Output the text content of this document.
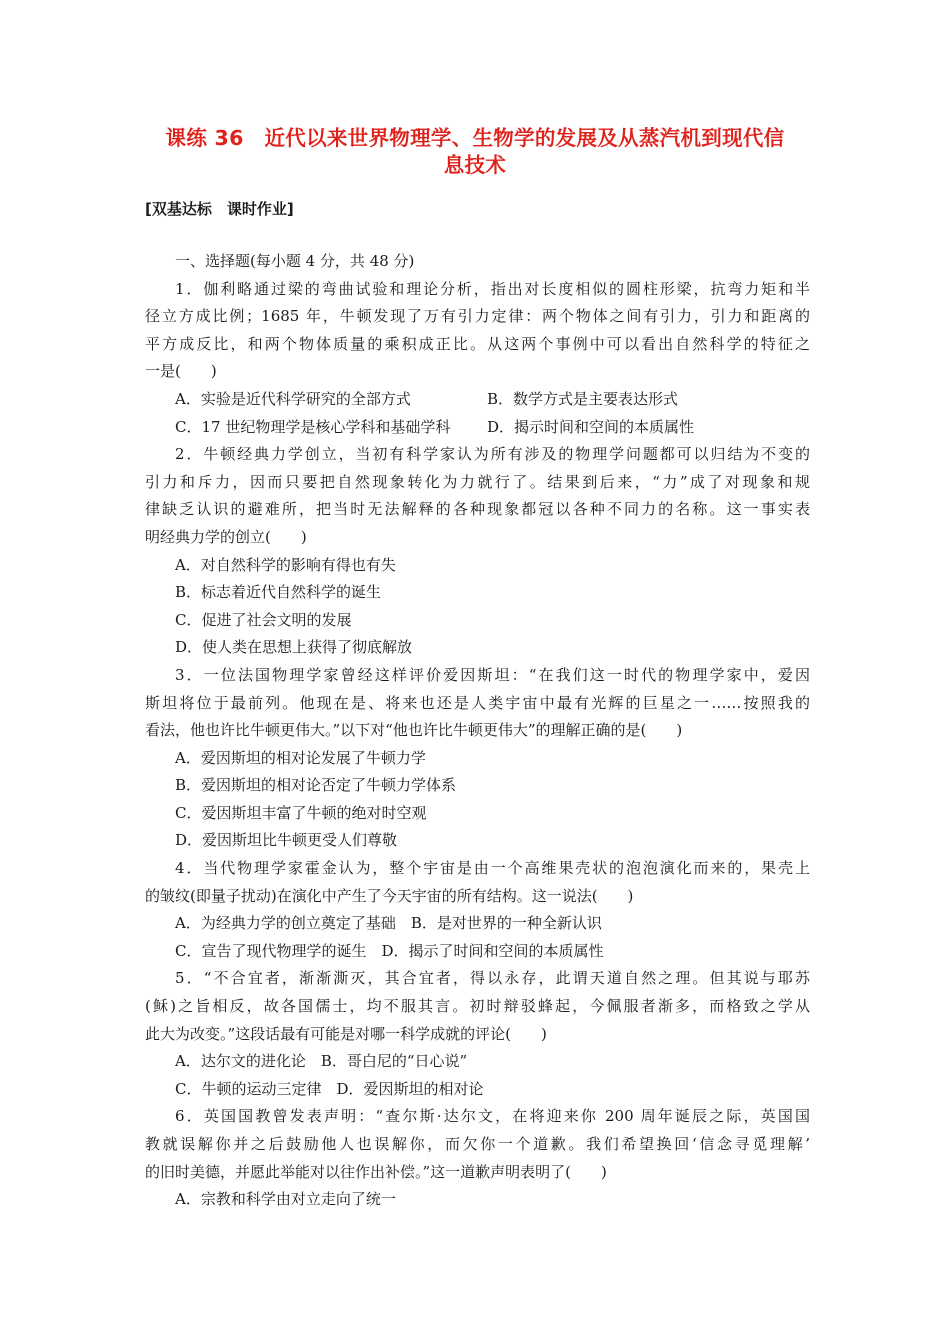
课练 36　近代以来世界物理学、生物学的发展及从蒸汽机到现代信
息技术
[双基达标　课时作业]
一、选择题(每小题 4 分，共 48 分)
1．伽利略通过梁的弯曲试验和理论分析，指出对长度相似的圆柱形梁，抗弯力矩和半
径立方成比例；1685 年，牛顿发现了万有引力定律：两个物体之间有引力，引力和距离的
平方成反比，和两个物体质量的乘积成正比。从这两个事例中可以看出自然科学的特征之
一是(　　)
A．实验是近代科学研究的全部方式	B．数学方式是主要表达形式
C．17 世纪物理学是核心学科和基础学科	D．揭示时间和空间的本质属性
2．牛顿经典力学创立，当初有科学家认为所有涉及的物理学问题都可以归结为不变的
引力和斥力，因而只要把自然现象转化为力就行了。结果到后来，“力”成了对现象和规
律缺乏认识的避难所，把当时无法解释的各种现象都冠以各种不同力的名称。这一事实表
明经典力学的创立(　　)
A．对自然科学的影响有得也有失
B．标志着近代自然科学的诞生
C．促进了社会文明的发展
D．使人类在思想上获得了彻底解放
3．一位法国物理学家曾经这样评价爱因斯坦：“在我们这一时代的物理学家中，爱因
斯坦将位于最前列。他现在是、将来也还是人类宇宙中最有光辉的巨星之一……按照我的
看法，他也许比牛顿更伟大。”以下对“他也许比牛顿更伟大”的理解正确的是(　　)
A．爱因斯坦的相对论发展了牛顿力学
B．爱因斯坦的相对论否定了牛顿力学体系
C．爱因斯坦丰富了牛顿的绝对时空观
D．爱因斯坦比牛顿更受人们尊敬
4．当代物理学家霍金认为，整个宇宙是由一个高维果壳状的泡泡演化而来的，果壳上
的皱纹(即量子扰动)在演化中产生了今天宇宙的所有结构。这一说法(　　)
A．为经典力学的创立奠定了基础　B．是对世界的一种全新认识
C．宣告了现代物理学的诞生　D．揭示了时间和空间的本质属性
5．“不合宜者，渐渐澌灭，其合宜者，得以永存，此谓天道自然之理。但其说与耶苏
(稣)之旨相反，故各国儒士，均不服其言。初时辩驳蜂起，今佩服者渐多，而格致之学从
此大为改变。”这段话最有可能是对哪一科学成就的评论(　　)
A．达尔文的进化论　B．哥白尼的“日心说”
C．牛顿的运动三定律　D．爱因斯坦的相对论
6．英国国教曾发表声明：“查尔斯·达尔文，在将迎来你 200 周年诞辰之际，英国国
教就误解你并之后鼓励他人也误解你，而欠你一个道歉。我们希望换回‘信念寻觅理解’
的旧时美德，并愿此举能对以往作出补偿。”这一道歉声明表明了(　　)
A．宗教和科学由对立走向了统一
